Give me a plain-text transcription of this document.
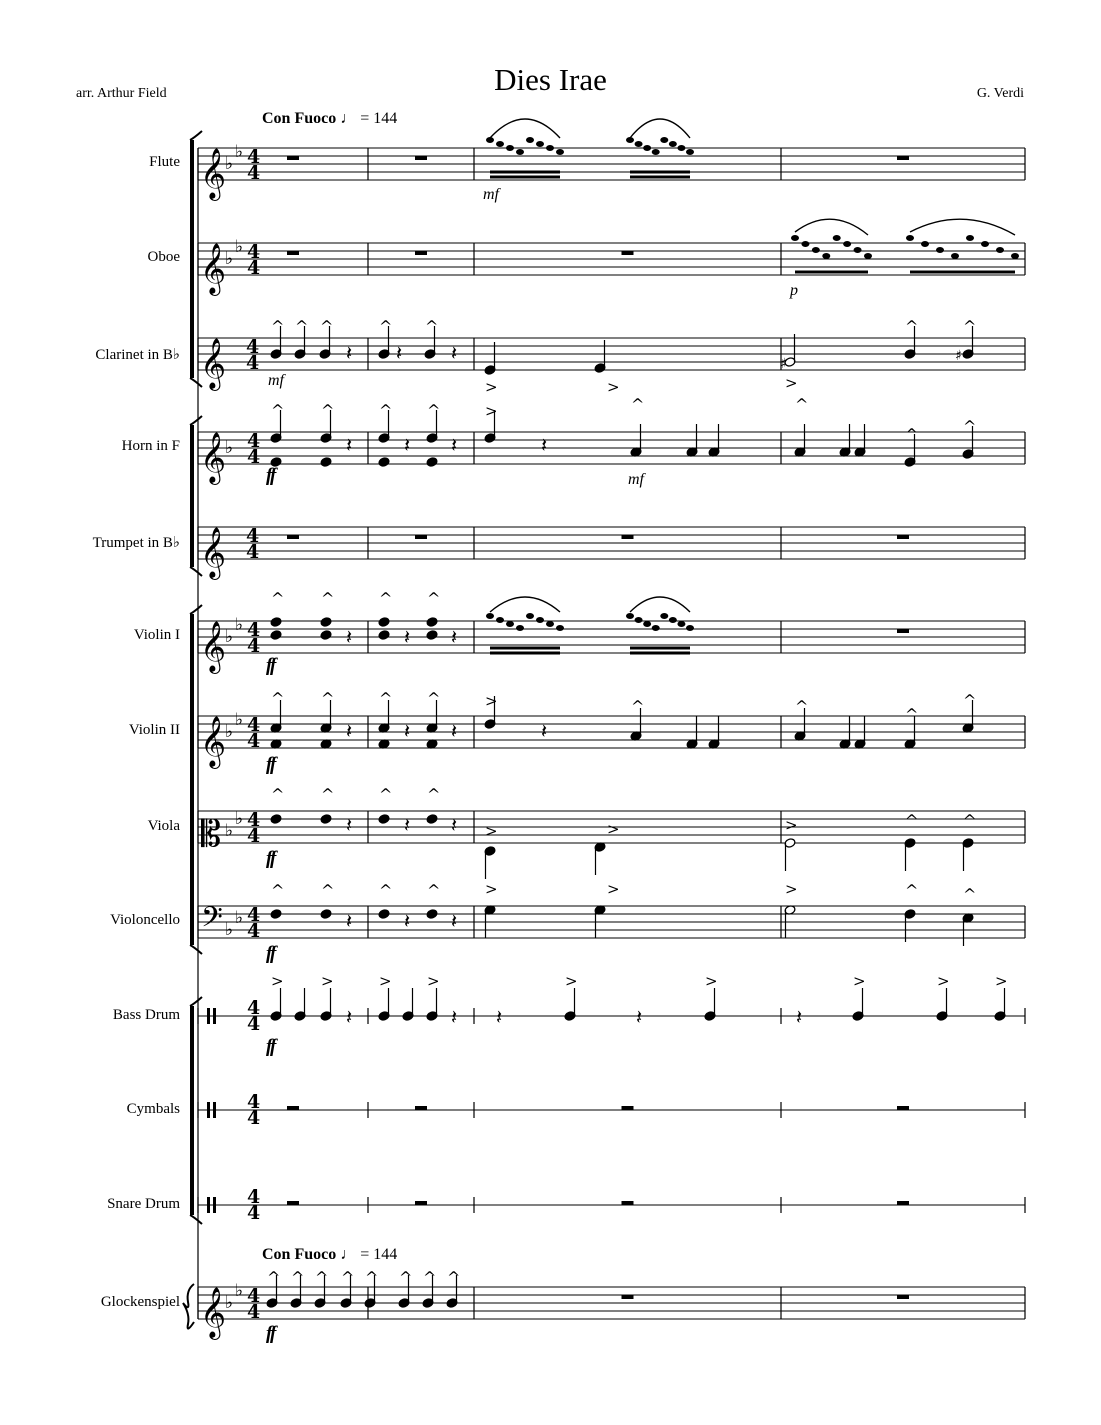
Dies Irae
arr. Arthur Field	G. Verdi
Con Fuoco ♩ = 144
Con Fuoco ♩ = 144
Flute
Oboe
Clarinet in B♭
Horn in F
Trumpet in B♭
Violin I
Violin II
Viola
Violoncello
Bass Drum
Cymbals
Snare Drum
Glockenspiel
mf
p
mf
ff	mf
ff
ff
ff
ff
ff
ff
𝄞
♭
♭ 4
4
𝄞
♭
♭ 4
4
𝄞 4
4
𝄞
♭ 4
4
𝄞 4
4
𝄞
♭
♭ 4
4
𝄞
♭
♭ 4
4
𝄡 ♭
♭ 4
4
𝄢 ♭
♭ 4
4
4
4
4
4
4
4
𝄞
♭
♭ 4
4
^ ^ ^	^ ^
𝄽 𝄽 𝄽
>	>	>
^	^
♯	♯
^ ^	^ ^
𝄽	𝄽 𝄽
>
𝄽
^	^
^	^
^ ^	^ ^
𝄽	𝄽 𝄽
^ ^	^ ^
𝄽	𝄽 𝄽
>
𝄽
^	^	^
^
^ ^	^ ^
𝄽	𝄽 𝄽 >	>	>	^	^
^ ^	^ ^
𝄽	𝄽 𝄽
>	>	>	^	^
> >	> >
𝄽	𝄽
>	>	>	>	>
𝄽	𝄽	𝄽
^ ^ ^ ^ ^ ^ ^ ^
